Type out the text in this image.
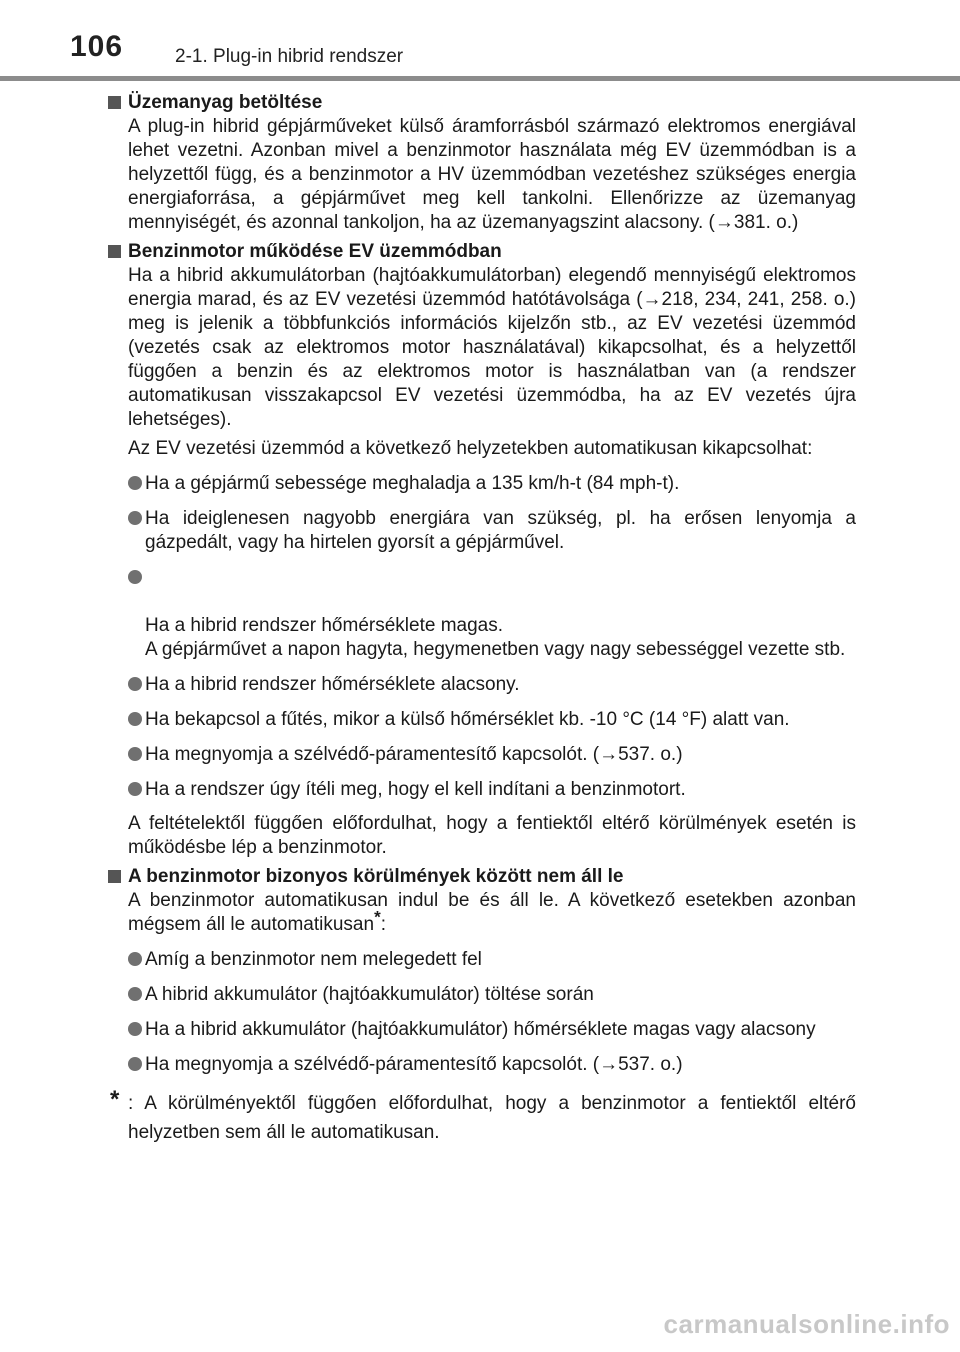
106	2-1. Plug-in hibrid rendszer

Üzemanyag betöltése

A plug-in hibrid gépjárműveket külső áramforrásból származó elektromos energiával lehet vezetni. Azonban mivel a benzinmotor használata még EV üzemmódban is a helyzettől függ, és a benzinmotor a HV üzemmódban vezetéshez szükséges energia energiaforrása, a gépjárművet meg kell tankolni. Ellenőrizze az üzemanyag mennyiségét, és azonnal tankoljon, ha az üzemanyagszint alacsony. (→381. o.)

Benzinmotor működése EV üzemmódban

Ha a hibrid akkumulátorban (hajtóakkumulátorban) elegendő mennyiségű elektromos energia marad, és az EV vezetési üzemmód hatótávolsága (→218, 234, 241, 258. o.) meg is jelenik a többfunkciós információs kijelzőn stb., az EV vezetési üzemmód (vezetés csak az elektromos motor használatával) kikapcsolhat, és a helyzettől függően a benzin és az elektromos motor is használatban van (a rendszer automatikusan visszakapcsol EV vezetési üzemmódba, ha az EV vezetés újra lehetséges).

Az EV vezetési üzemmód a következő helyzetekben automatikusan kikapcsolhat:

Ha a gépjármű sebessége meghaladja a 135 km/h-t (84 mph-t).
Ha ideiglenesen nagyobb energiára van szükség, pl. ha erősen lenyomja a gázpedált, vagy ha hirtelen gyorsít a gépjárművel.

Ha a hibrid rendszer hőmérséklete magas.
A gépjárművet a napon hagyta, hegymenetben vagy nagy sebességgel vezette stb.

Ha a hibrid rendszer hőmérséklete alacsony.
Ha bekapcsol a fűtés, mikor a külső hőmérséklet kb. -10 °C (14 °F) alatt van.
Ha megnyomja a szélvédő-páramentesítő kapcsolót. (→537. o.)
Ha a rendszer úgy ítéli meg, hogy el kell indítani a benzinmotort.

A feltételektől függően előfordulhat, hogy a fentiektől eltérő körülmények esetén is működésbe lép a benzinmotor.

A benzinmotor bizonyos körülmények között nem áll le

A benzinmotor automatikusan indul be és áll le. A következő esetekben azonban mégsem áll le automatikusan*:

Amíg a benzinmotor nem melegedett fel
A hibrid akkumulátor (hajtóakkumulátor) töltése során
Ha a hibrid akkumulátor (hajtóakkumulátor) hőmérséklete magas vagy alacsony
Ha megnyomja a szélvédő-páramentesítő kapcsolót. (→537. o.)
* : A körülményektől függően előfordulhat, hogy a benzinmotor a fentiektől eltérő helyzetben sem áll le automatikusan.
carmanualsonline.info
